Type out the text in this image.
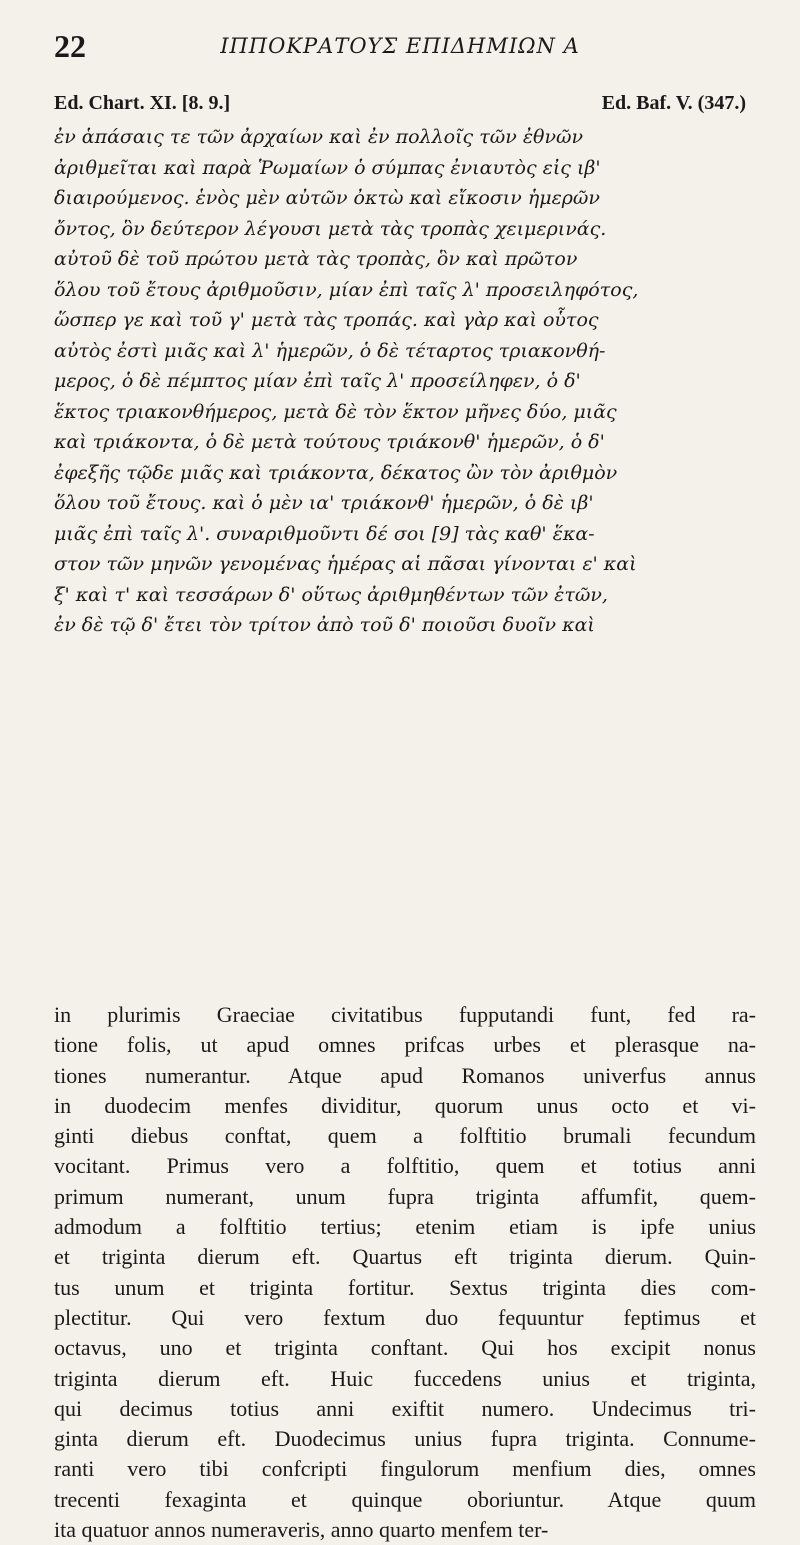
22	ΙΠΠΟΚΡΑΤΟΥΣ ΕΠΙΔΗΜΙΩΝ Α
Ed. Chart. XI. [8. 9.]	Ed. Baf. V. (347.)
ἐν ἁπάσαις τε τῶν ἀρχαίων καὶ ἐν πολλοῖς τῶν ἐθνῶν
ἀριθμεῖται καὶ παρὰ Ῥωμαίων ὁ σύμπας ἐνιαυτὸς εἰς ιβ'
διαιρούμενος. ἑνὸς μὲν αὐτῶν ὀκτὼ καὶ εἴκοσιν ἡμερῶν
ὄντος, ὃν δεύτερον λέγουσι μετὰ τὰς τροπὰς χειμερινάς.
αὐτοῦ δὲ τοῦ πρώτου μετὰ τὰς τροπὰς, ὃν καὶ πρῶτον
ὅλου τοῦ ἔτους ἀριθμοῦσιν, μίαν ἐπὶ ταῖς λ' προσειληφότος,
ὥσπερ γε καὶ τοῦ γ' μετὰ τὰς τροπάς. καὶ γὰρ καὶ οὗτος
αὐτὸς ἐστὶ μιᾶς καὶ λ' ἡμερῶν, ὁ δὲ τέταρτος τριακονθή-
μερος, ὁ δὲ πέμπτος μίαν ἐπὶ ταῖς λ' προσείληφεν, ὁ δ'
ἕκτος τριακονθήμερος, μετὰ δὲ τὸν ἕκτον μῆνες δύο, μιᾶς
καὶ τριάκοντα, ὁ δὲ μετὰ τούτους τριάκονθ' ἡμερῶν, ὁ δ'
ἐφεξῆς τῷδε μιᾶς καὶ τριάκοντα, δέκατος ὢν τὸν ἀριθμὸν
ὅλου τοῦ ἔτους. καὶ ὁ μὲν ια' τριάκονθ' ἡμερῶν, ὁ δὲ ιβ'
μιᾶς ἐπὶ ταῖς λ'. συναριθμοῦντι δέ σοι [9] τὰς καθ' ἕκα-
στον τῶν μηνῶν γενομένας ἡμέρας αἱ πᾶσαι γίνονται ε' καὶ
ξ' καὶ τ' καὶ τεσσάρων δ' οὕτως ἀριθμηθέντων τῶν ἐτῶν,
ἐν δὲ τῷ δ' ἔτει τὸν τρίτον ἀπὸ τοῦ δ' ποιοῦσι δυοῖν καὶ
in plurimis Graeciae civitatibus fupputandi funt, fed ra-
tione folis, ut apud omnes prifcas urbes et plerasque na-
tiones numerantur. Atque apud Romanos univerfus annus
in duodecim menfes dividitur, quorum unus octo et vi-
ginti diebus conftat, quem a folftitio brumali fecundum
vocitant. Primus vero a folftitio, quem et totius anni
primum numerant, unum fupra triginta affumfit, quem-
admodum a folftitio tertius; etenim etiam is ipfe unius
et triginta dierum eft. Quartus eft triginta dierum. Quin-
tus unum et triginta fortitur. Sextus triginta dies com-
plectitur. Qui vero fextum duo fequuntur feptimus et
octavus, uno et triginta conftant. Qui hos excipit nonus
triginta dierum eft. Huic fuccedens unius et triginta,
qui decimus totius anni exiftit numero. Undecimus tri-
ginta dierum eft. Duodecimus unius fupra triginta. Connume-
ranti vero tibi confcripti fingulorum menfium dies, omnes
trecenti fexaginta et quinque oboriuntur. Atque quum
ita quatuor annos numeraveris, anno quarto menfem ter-
